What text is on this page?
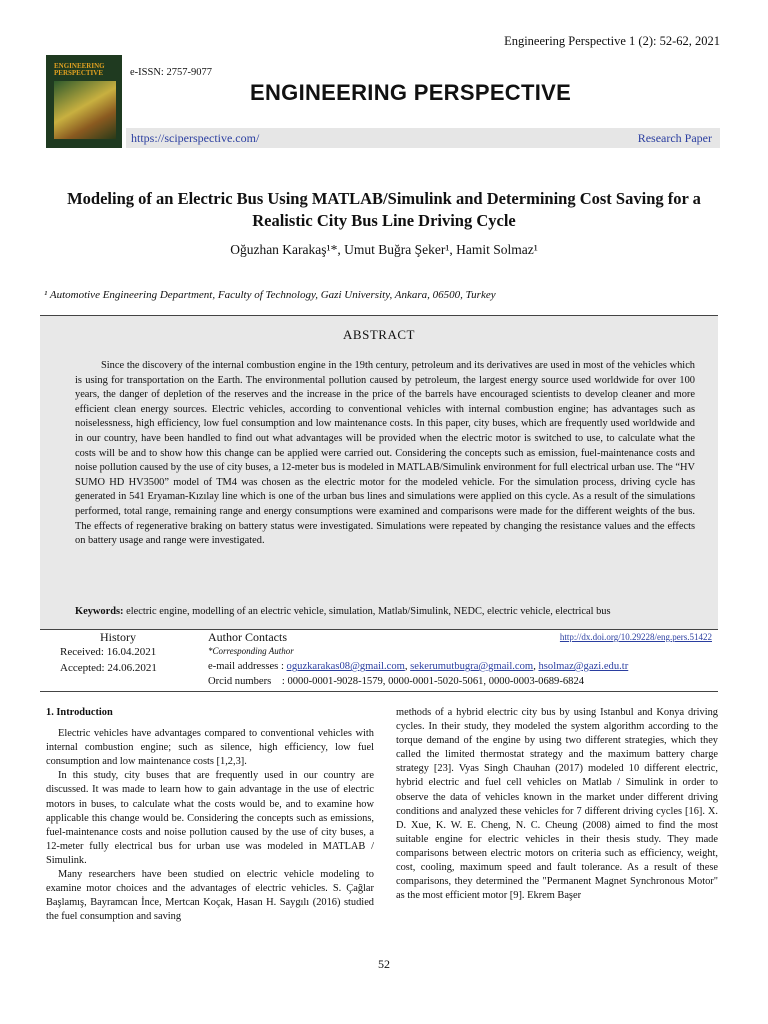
Engineering Perspective 1 (2): 52-62, 2021
ENGINEERING PERSPECTIVE	e-ISSN: 2757-9077
ENGINEERING PERSPECTIVE
https://sciperspective.com/	Research Paper
Modeling of an Electric Bus Using MATLAB/Simulink and Determining Cost Saving for a Realistic City Bus Line Driving Cycle
Oğuzhan Karakaş¹*, Umut Buğra Şeker¹, Hamit Solmaz¹
¹ Automotive Engineering Department, Faculty of Technology, Gazi University, Ankara, 06500, Turkey
ABSTRACT
Since the discovery of the internal combustion engine in the 19th century, petroleum and its derivatives are used in most of the vehicles which is using for transportation on the Earth. The environmental pollution caused by petroleum, the largest energy source used worldwide for over 100 years, the danger of depletion of the reserves and the increase in the price of the barrels have encouraged scientists to develop cleaner and more efficient clean energy sources. Electric vehicles, according to conventional vehicles with internal combustion engine; has advantages such as noiselessness, high efficiency, low fuel consumption and low maintenance costs. In this paper, city buses, which are frequently used worldwide and in our country, have been handled to find out what advantages will be provided when the electric motor is switched to use, to calculate what the costs will be and to show how this change can be applied were carried out. Considering the concepts such as emission, fuel-maintenance costs and noise pollution caused by the use of city buses, a 12-meter bus is modeled in MATLAB/Simulink environment for full electrical urban use. The “HV SUMO HD HV3500” model of TM4 was chosen as the electric motor for the modeled vehicle. For the simulation process, driving cycle has generated in 541 Eryaman-Kızılay line which is one of the urban bus lines and simulations were applied on this cycle. As a result of the simulations performed, total range, remaining range and energy consumptions were examined and comparisons were made for the different weights of the bus. The effects of regenerative braking on battery status were investigated. Simulations were repeated by changing the resistance values and the effects on battery usage and range were investigated.
Keywords: electric engine, modelling of an electric vehicle, simulation, Matlab/Simulink, NEDC, electric vehicle, electrical bus
History	Author Contacts	http://dx.doi.org/10.29228/eng.pers.51422
Received: 16.04.2021
Accepted: 24.06.2021
*Corresponding Author
e-mail addresses : oguzkarakas08@gmail.com, sekerumutbugra@gmail.com, hsolmaz@gazi.edu.tr
Orcid numbers : 0000-0001-9028-1579, 0000-0001-5020-5061, 0000-0003-0689-6824

1. Introduction

Electric vehicles have advantages compared to conventional vehicles with internal combustion engine; such as silence, high efficiency, low fuel consumption and low maintenance costs [1,2,3].

In this study, city buses that are frequently used in our country are discussed. It was made to learn how to gain advantage in the use of electric motors in buses, to calculate what the costs would be, and to examine how applicable this change would be. Considering the concepts such as emissions, fuel-maintenance costs and noise pollution caused by the use of city buses, a 12-meter fully electrical bus for urban use was modeled in MATLAB / Simulink.

Many researchers have been studied on electric vehicle modeling to examine motor choices and the advantages of electric vehicles. S. Çağlar Başlamış, Bayramcan İnce, Mertcan Koçak, Hasan H. Saygılı (2016) studied the fuel consumption and saving

methods of a hybrid electric city bus by using Istanbul and Konya driving cycles. In their study, they modeled the system algorithm according to the torque demand of the engine by using two different strategies, which they called the limited thermostat strategy and the maximum battery charge strategy [23]. Vyas Singh Chauhan (2017) modeled 10 different electric, hybrid electric and fuel cell vehicles on Matlab / Simulink in order to observe the data of vehicles known in the market under different driving conditions and analyzed these vehicles for 7 different driving cycles [16]. X. D. Xue, K. W. E. Cheng, N. C. Cheung (2008) aimed to find the most suitable engine for electric vehicles in their thesis study. They made comparisons between electric motors on criteria such as efficiency, weight, cost, cooling, maximum speed and fault tolerance. As a result of these comparisons, they determined the "Permanent Magnet Synchronous Motor" as the most efficient motor [9]. Ekrem Başer

52
